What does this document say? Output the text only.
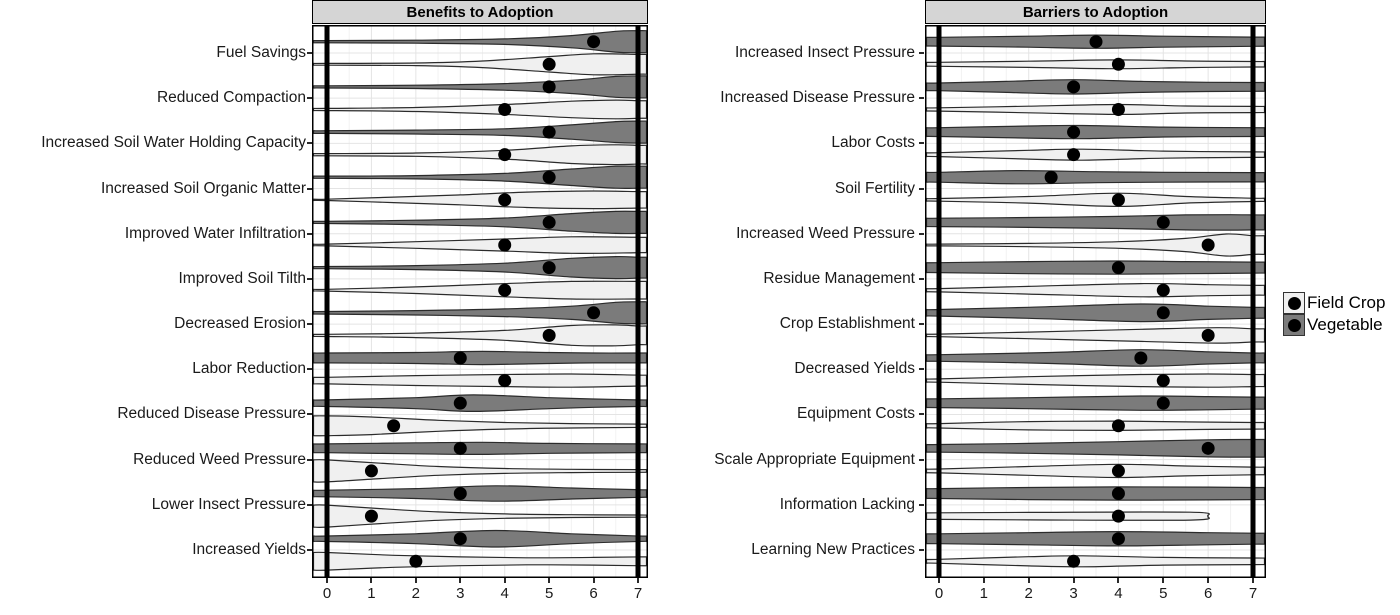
Benefits to Adoption	Barriers to Adoption
Fuel Savings
Reduced Compaction
Increased Soil Water Holding Capacity
Increased Soil Organic Matter
Improved Water Infiltration
Improved Soil Tilth
Decreased Erosion
Labor Reduction
Reduced Disease Pressure
Reduced Weed Pressure
Lower Insect Pressure
Increased Yields
Increased Insect Pressure
Increased Disease Pressure
Labor Costs
Soil Fertility
Increased Weed Pressure
Residue Management
Crop Establishment
Decreased Yields
Equipment Costs
Scale Appropriate Equipment
Information Lacking
Learning New Practices
0	1	2	3	4	5	6	7	0	1	2	3	4	5	6	7
Field Crop
Vegetable
